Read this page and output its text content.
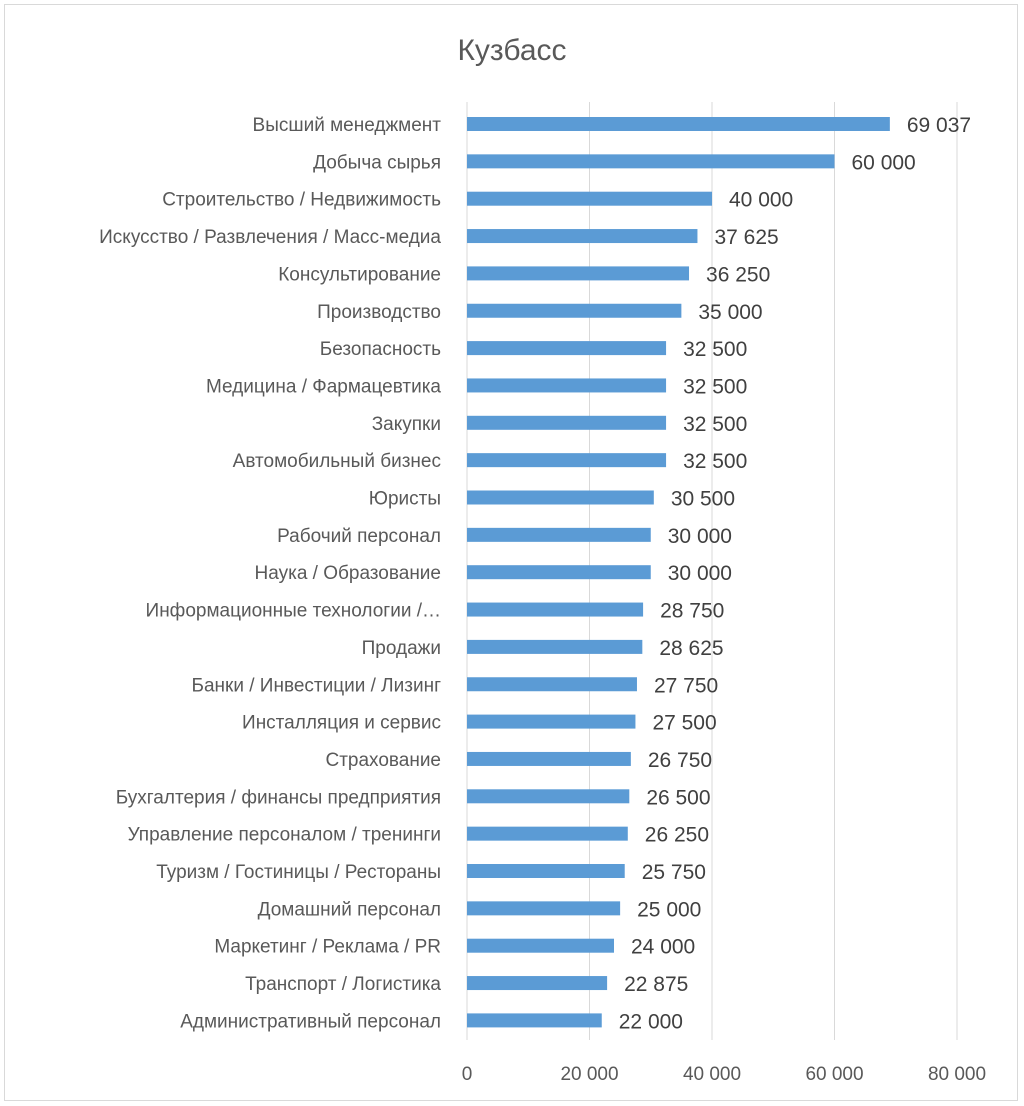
Кузбасс
Высший менеджмент
Добыча сырья
Строительство / Недвижимость
Искусство / Развлечения / Масс-медиа
Консультирование
Производство
Безопасность
Медицина / Фармацевтика
Закупки
Автомобильный бизнес
Юристы
Рабочий персонал
Наука / Образование
Информационные технологии /…
Продажи
Банки / Инвестиции / Лизинг
Инсталляция и сервис
Страхование
Бухгалтерия / финансы предприятия
Управление персоналом / тренинги
Туризм / Гостиницы / Рестораны
Домашний персонал
Маркетинг / Реклама / PR
Транспорт / Логистика
Административный персонал
69 037
60 000
40 000
37 625
36 250
35 000
32 500
32 500
32 500
32 500
30 500
30 000
30 000
28 750
28 625
27 750
27 500
26 750
26 500
26 250
25 750
25 000
24 000
22 875
22 000
0	20 000	40 000	60 000	80 000
